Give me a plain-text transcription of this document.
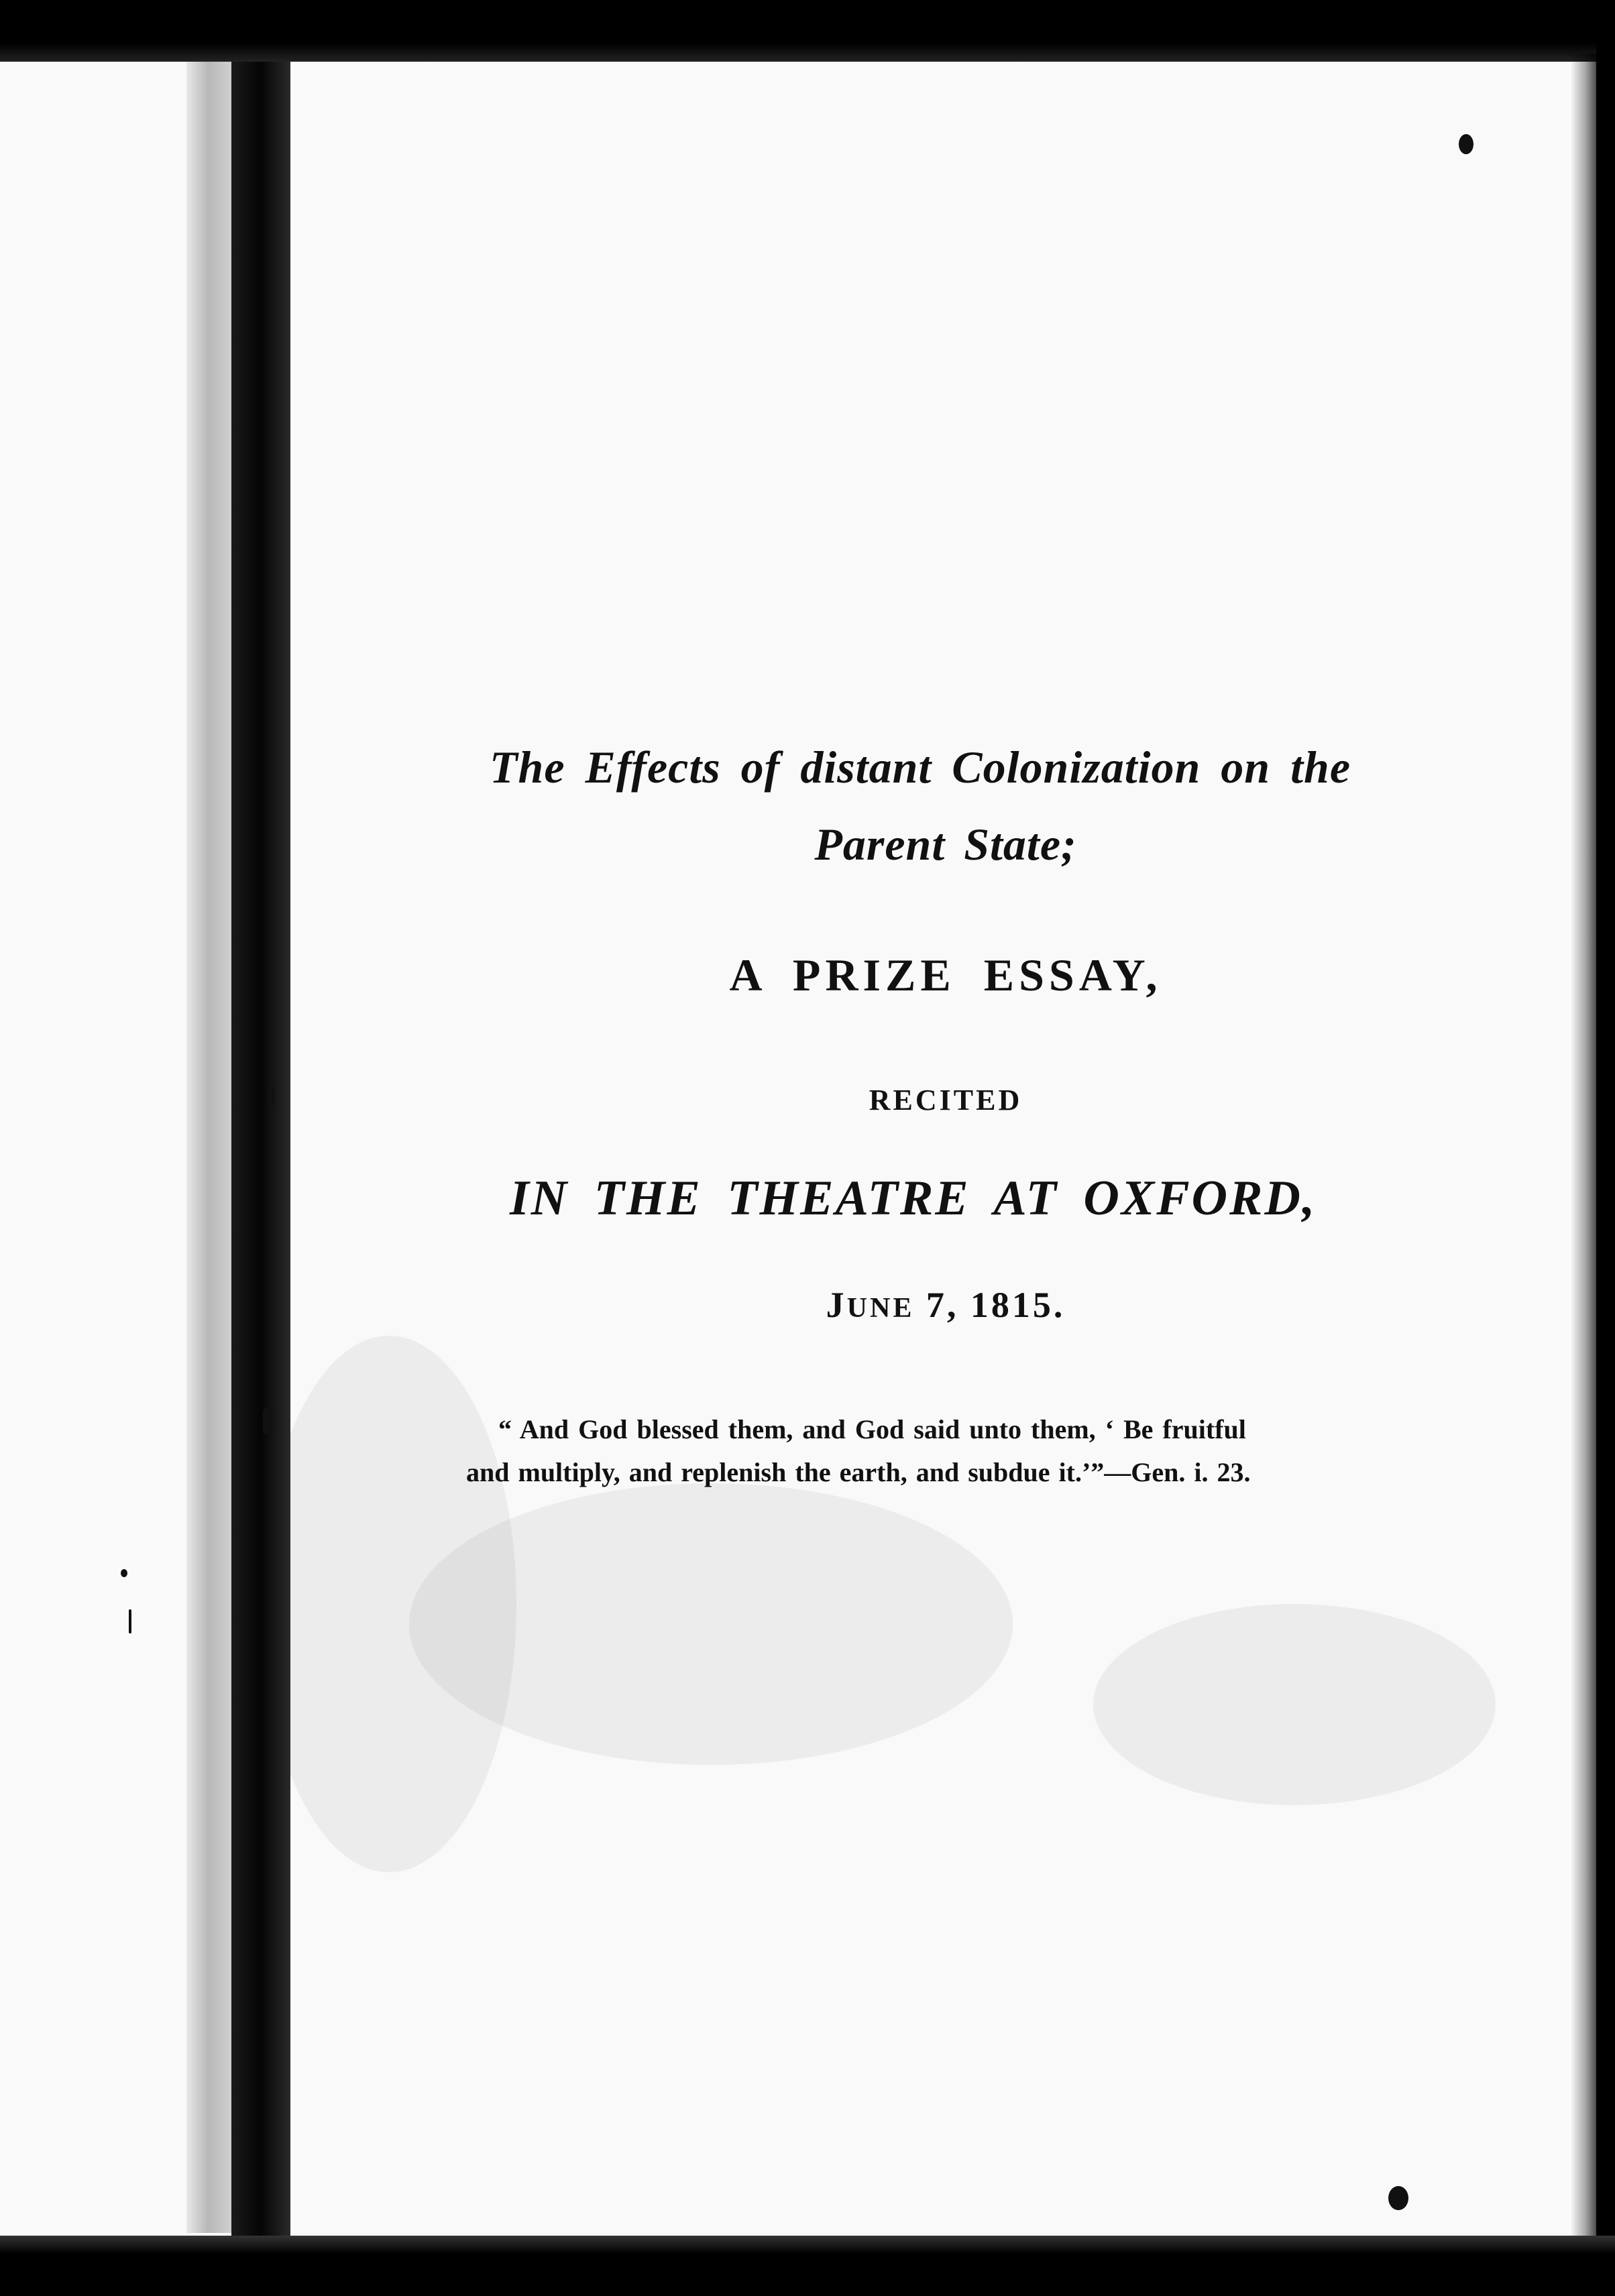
The Effects of distant Colonization on the
Parent State;
A PRIZE ESSAY,
RECITED
IN THE THEATRE AT OXFORD,
JUNE 7, 1815.
“ And God blessed them, and God said unto them, ‘ Be fruitful
and multiply, and replenish the earth, and subdue it.’”—Gen. i. 23.
